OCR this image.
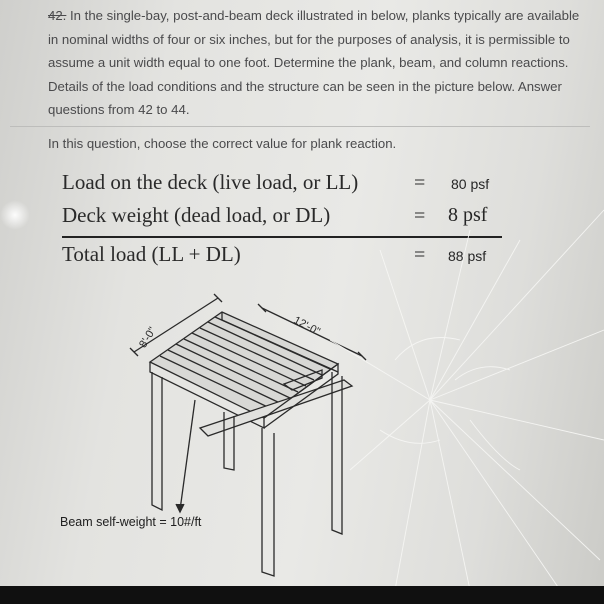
42. In the single-bay, post-and-beam deck illustrated in below, planks typically are available in nominal widths of four or six inches, but for the purposes of analysis, it is permissible to assume a unit width equal to one foot. Determine the plank, beam, and column reactions. Details of the load conditions and the structure can be seen in the picture below. Answer questions from 42 to 44.
In this question, choose the correct value for plank reaction.
Load on the deck (live load, or LL)	= 80 psf
Deck weight (dead load, or DL)	= 8 psf
Total load (LL + DL)	= 88 psf
8'-0"	12'-0"
Beam self-weight = 10#/ft
